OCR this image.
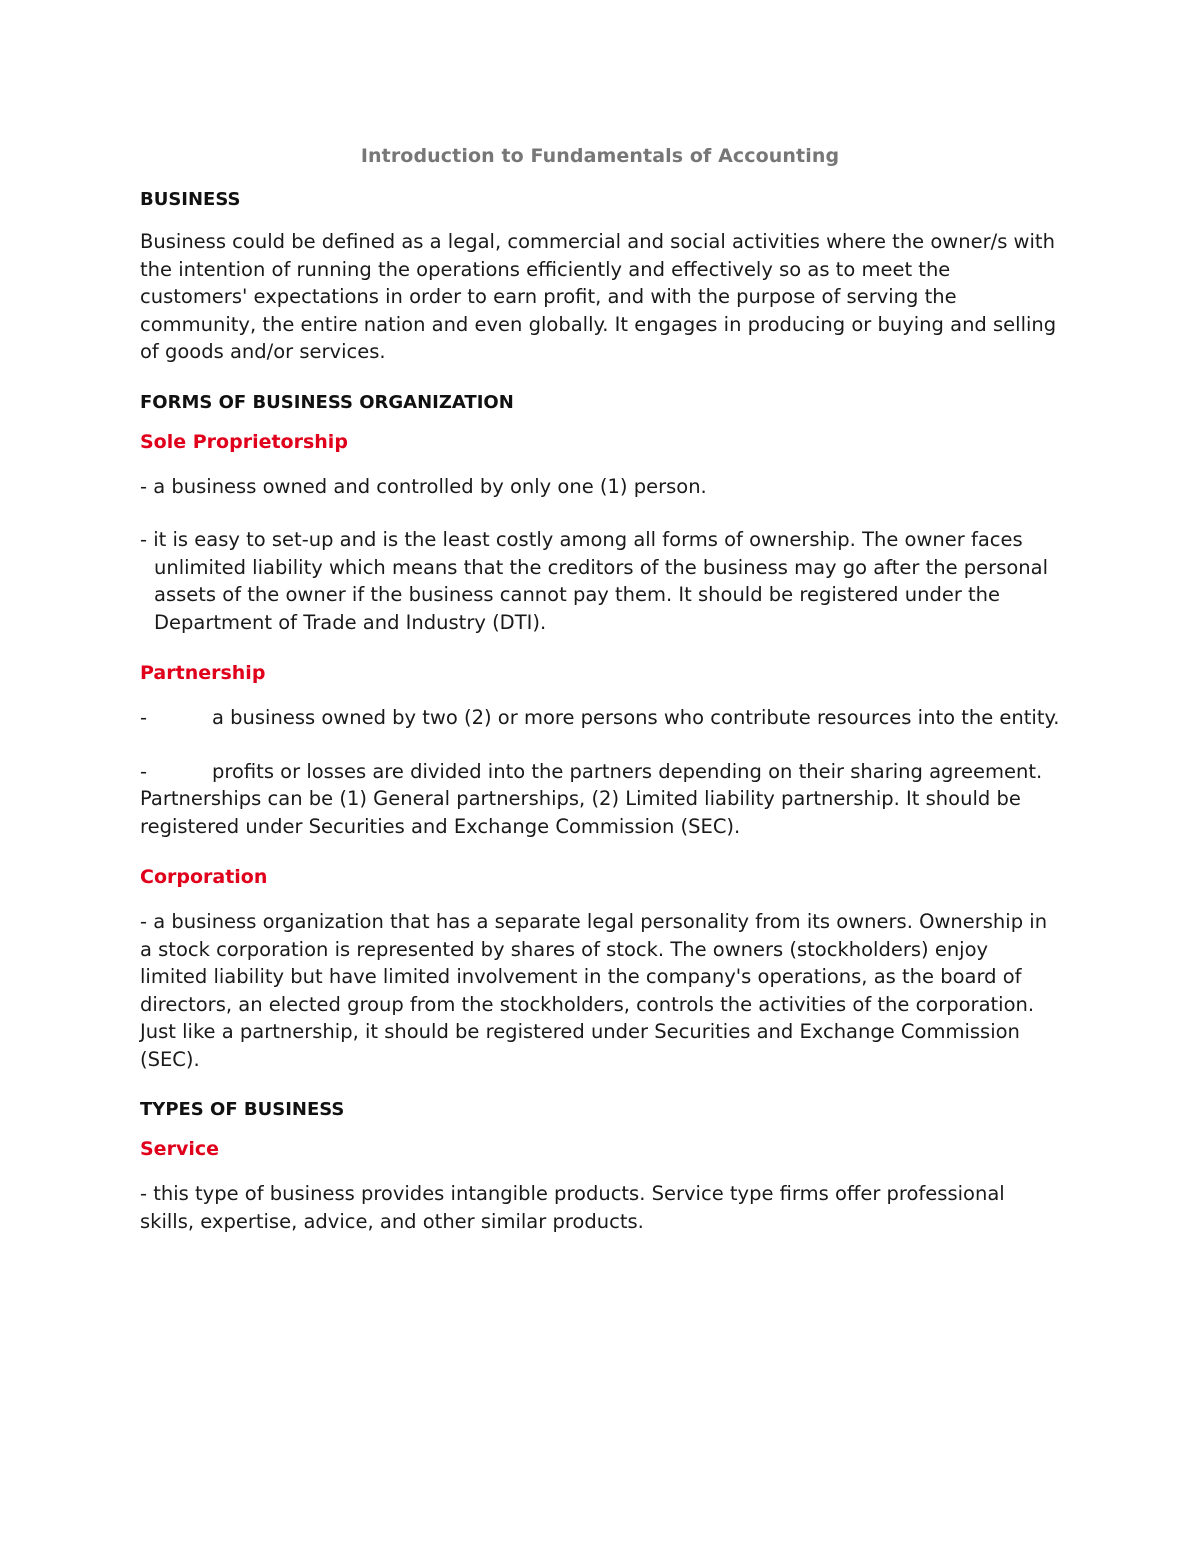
Introduction to Fundamentals of Accounting
BUSINESS
Business could be defined as a legal, commercial and social activities where the owner/s with the intention of running the operations efficiently and effectively so as to meet the customers' expectations in order to earn profit, and with the purpose of serving the community, the entire nation and even globally. It engages in producing or buying and selling of goods and/or services.
FORMS OF BUSINESS ORGANIZATION
Sole Proprietorship
- a business owned and controlled by only one (1) person.
- it is easy to set-up and is the least costly among all forms of ownership. The owner faces unlimited liability which means that the creditors of the business may go after the personal assets of the owner if the business cannot pay them. It should be registered under the Department of Trade and Industry (DTI).
Partnership
-	a business owned by two (2) or more persons who contribute resources into the entity.
-	profits or losses are divided into the partners depending on their sharing agreement. Partnerships can be (1) General partnerships, (2) Limited liability partnership. It should be registered under Securities and Exchange Commission (SEC).
Corporation
- a business organization that has a separate legal personality from its owners. Ownership in a stock corporation is represented by shares of stock. The owners (stockholders) enjoy limited liability but have limited involvement in the company's operations, as the board of directors, an elected group from the stockholders, controls the activities of the corporation. Just like a partnership, it should be registered under Securities and Exchange Commission (SEC).
TYPES OF BUSINESS
Service
- this type of business provides intangible products. Service type firms offer professional skills, expertise, advice, and other similar products.
